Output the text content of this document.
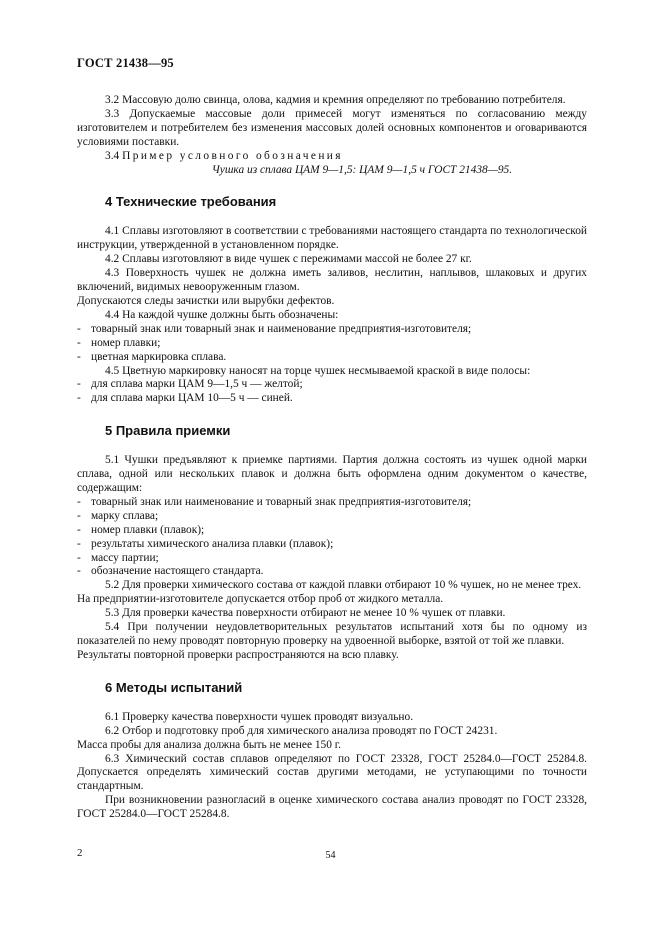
ГОСТ 21438—95

3.2 Массовую долю свинца, олова, кадмия и кремния определяют по требованию потребителя.

3.3 Допускаемые массовые доли примесей могут изменяться по согласованию между изготовителем и потребителем без изменения массовых долей основных компонентов и оговариваются условиями поставки.

3.4 Пример условного обозначения

Чушка из сплава ЦАМ 9—1,5: ЦАМ 9—1,5 ч ГОСТ 21438—95.

4 Технические требования

4.1 Сплавы изготовляют в соответствии с требованиями настоящего стандарта по технологической инструкции, утвержденной в установленном порядке.

4.2 Сплавы изготовляют в виде чушек с пережимами массой не более 27 кг.

4.3 Поверхность чушек не должна иметь заливов, неслитин, наплывов, шлаковых и других включений, видимых невооруженным глазом.

Допускаются следы зачистки или вырубки дефектов.

4.4 На каждой чушке должны быть обозначены:

- товарный знак или товарный знак и наименование предприятия-изготовителя;

- номер плавки;

- цветная маркировка сплава.

4.5 Цветную маркировку наносят на торце чушек несмываемой краской в виде полосы:

- для сплава марки ЦАМ 9—1,5 ч — желтой;

- для сплава марки ЦАМ 10—5 ч — синей.

5 Правила приемки

5.1 Чушки предъявляют к приемке партиями. Партия должна состоять из чушек одной марки сплава, одной или нескольких плавок и должна быть оформлена одним документом о качестве, содержащим:

- товарный знак или наименование и товарный знак предприятия-изготовителя;

- марку сплава;

- номер плавки (плавок);

- результаты химического анализа плавки (плавок);

- массу партии;

- обозначение настоящего стандарта.

5.2 Для проверки химического состава от каждой плавки отбирают 10 % чушек, но не менее трех.

На предприятии-изготовителе допускается отбор проб от жидкого металла.

5.3 Для проверки качества поверхности отбирают не менее 10 % чушек от плавки.

5.4 При получении неудовлетворительных результатов испытаний хотя бы по одному из показателей по нему проводят повторную проверку на удвоенной выборке, взятой от той же плавки.

Результаты повторной проверки распространяются на всю плавку.

6 Методы испытаний

6.1 Проверку качества поверхности чушек проводят визуально.

6.2 Отбор и подготовку проб для химического анализа проводят по ГОСТ 24231.

Масса пробы для анализа должна быть не менее 150 г.

6.3 Химический состав сплавов определяют по ГОСТ 23328, ГОСТ 25284.0—ГОСТ 25284.8. Допускается определять химический состав другими методами, не уступающими по точности стандартным.

При возникновении разногласий в оценке химического состава анализ проводят по ГОСТ 23328, ГОСТ 25284.0—ГОСТ 25284.8.

2	54
